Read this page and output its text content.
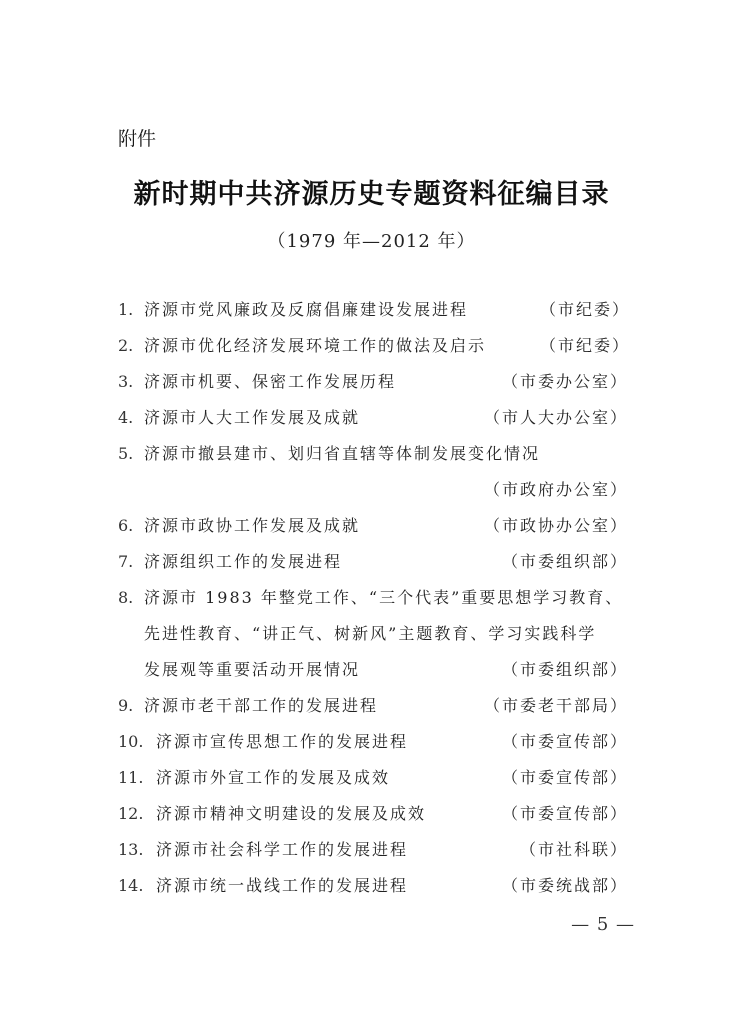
附件
新时期中共济源历史专题资料征编目录
（1979 年—2012 年）
1. 济源市党风廉政及反腐倡廉建设发展进程	（市纪委）
2. 济源市优化经济发展环境工作的做法及启示	（市纪委）
3. 济源市机要、保密工作发展历程	（市委办公室）
4. 济源市人大工作发展及成就	（市人大办公室）
5. 济源市撤县建市、划归省直辖等体制发展变化情况
（市政府办公室）
6. 济源市政协工作发展及成就	（市政协办公室）
7. 济源组织工作的发展进程	（市委组织部）
8. 济源市 1983 年整党工作、“三个代表”重要思想学习教育、
先进性教育、“讲正气、树新风”主题教育、学习实践科学
发展观等重要活动开展情况	（市委组织部）
9. 济源市老干部工作的发展进程	（市委老干部局）
10. 济源市宣传思想工作的发展进程	（市委宣传部）
11. 济源市外宣工作的发展及成效	（市委宣传部）
12. 济源市精神文明建设的发展及成效	（市委宣传部）
13. 济源市社会科学工作的发展进程	（市社科联）
14. 济源市统一战线工作的发展进程	（市委统战部）
— 5 —
